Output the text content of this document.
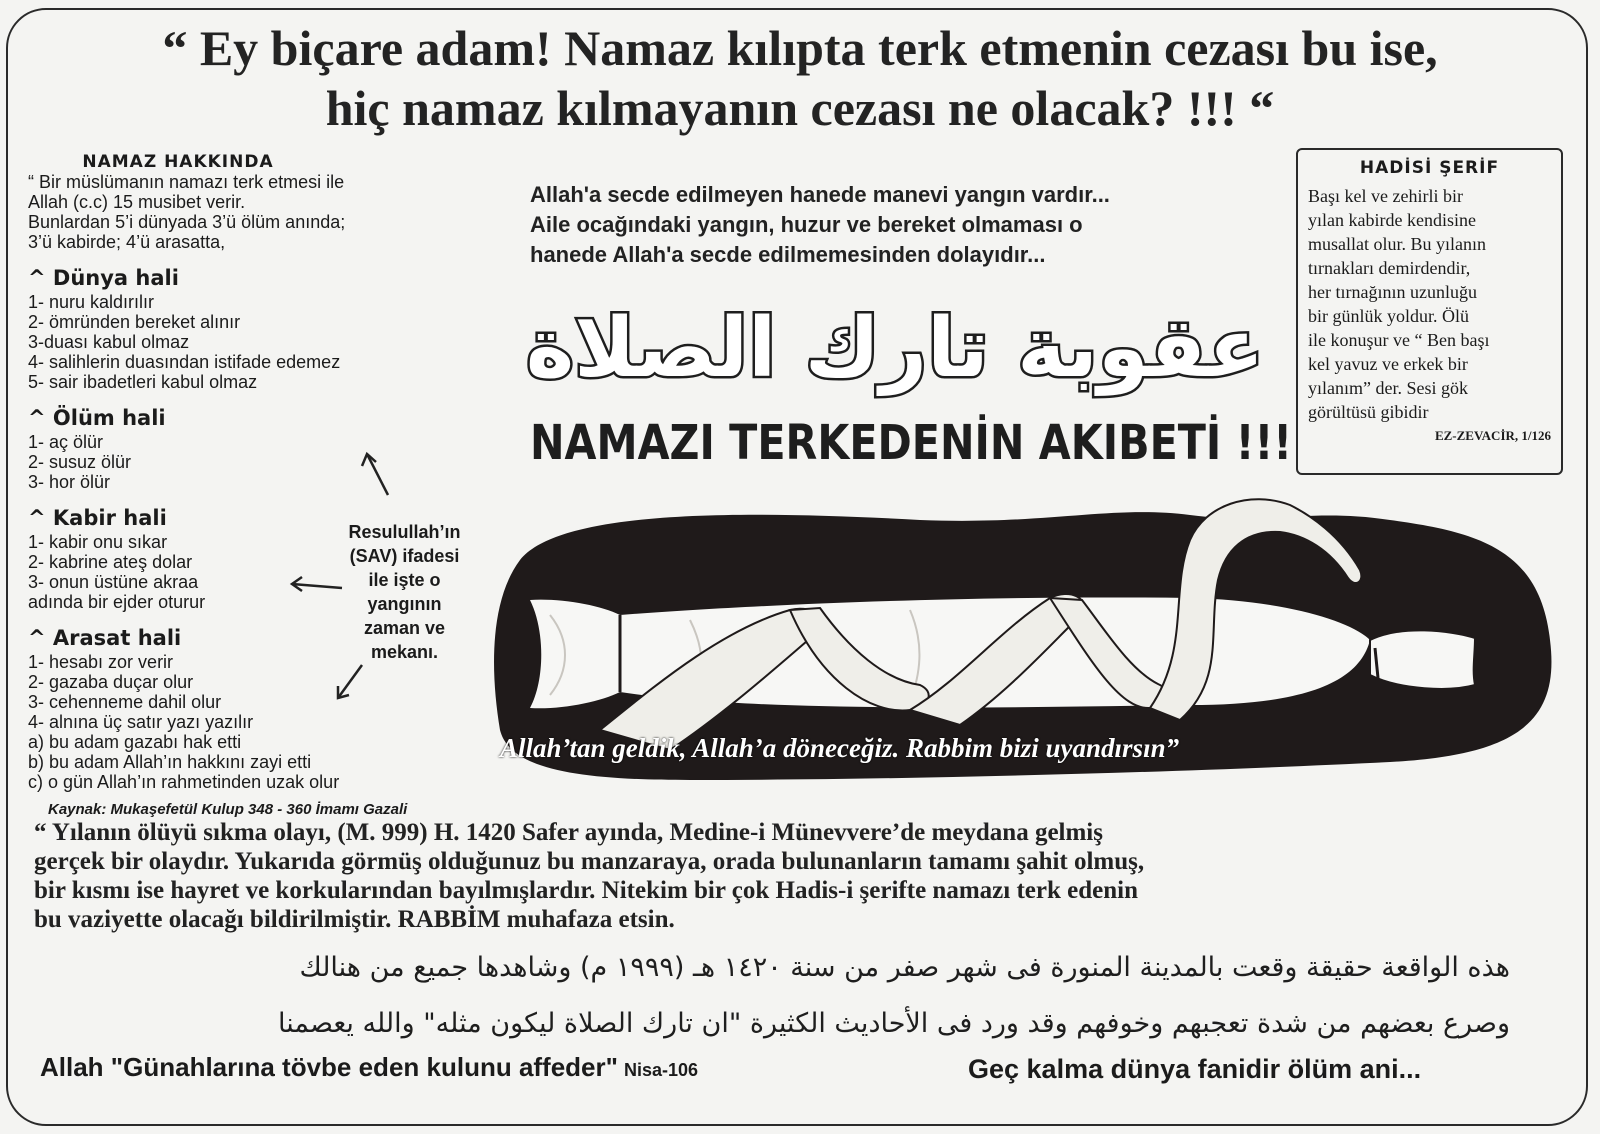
“ Ey biçare adam! Namaz kılıpta terk etmenin cezası bu ise,
hiç namaz kılmayanın cezası ne olacak? !!! “
NAMAZ HAKKINDA
“ Bir müslümanın namazı terk etmesi ile
Allah (c.c) 15 musibet verir.
Bunlardan 5’i dünyada 3’ü ölüm anında;
3’ü kabirde; 4’ü arasatta,
^ Dünya hali
1- nuru kaldırılır
2- ömründen bereket alınır
3-duası kabul olmaz
4- salihlerin duasından istifade edemez
5- sair ibadetleri kabul olmaz
^ Ölüm hali
1- aç ölür
2- susuz ölür
3- hor ölür
^ Kabir hali
1- kabir onu sıkar
2- kabrine ateş dolar
3- onun üstüne akraa
adında bir ejder oturur
^ Arasat hali
1- hesabı zor verir
2- gazaba duçar olur
3- cehenneme dahil olur
4- alnına üç satır yazı yazılır
a) bu adam gazabı hak etti
b) bu adam Allah’ın hakkını zayi etti
c) o gün Allah’ın rahmetinden uzak olur
Kaynak: Mukaşefetül Kulup 348 - 360 İmamı Gazali
Resulullah’ın
(SAV) ifadesi
ile işte o
yangının
zaman ve
mekanı.
Allah'a secde edilmeyen hanede manevi yangın vardır...
Aile ocağındaki yangın, huzur ve bereket olmaması o
hanede Allah'a secde edilmemesinden dolayıdır...
عقوبة تارك الصلاة
NAMAZI TERKEDENİN AKIBETİ !!!
HADİSİ ŞERİF
Başı kel ve zehirli bir
yılan kabirde kendisine
musallat olur. Bu yılanın
tırnakları demirdendir,
her tırnağının uzunluğu
bir günlük yoldur. Ölü
ile konuşur ve “ Ben başı
kel yavuz ve erkek bir
yılanım” der. Sesi gök
görültüsü gibidir
EZ-ZEVACİR, 1/126
Allah’tan geldik, Allah’a döneceğiz. Rabbim bizi uyandırsın”
“ Yılanın ölüyü sıkma olayı, (M. 999) H. 1420 Safer ayında, Medine-i Münevvere’de meydana gelmiş
gerçek bir olaydır. Yukarıda görmüş olduğunuz bu manzaraya, orada bulunanların tamamı şahit olmuş,
bir kısmı ise hayret ve korkularından bayılmışlardır. Nitekim bir çok Hadis-i şerifte namazı terk edenin
bu vaziyette olacağı bildirilmiştir. RABBİM muhafaza etsin.
هذه الواقعة حقيقة وقعت بالمدينة المنورة فى شهر صفر من سنة ١٤٢٠ هـ (١٩٩٩ م) وشاهدها جميع من هنالك
وصرع بعضهم من شدة تعجبهم وخوفهم وقد ورد فى الأحاديث الكثيرة "ان تارك الصلاة ليكون مثله" والله يعصمنا
Allah "Günahlarına tövbe eden kulunu affeder" Nisa-106	Geç kalma dünya fanidir ölüm ani...
